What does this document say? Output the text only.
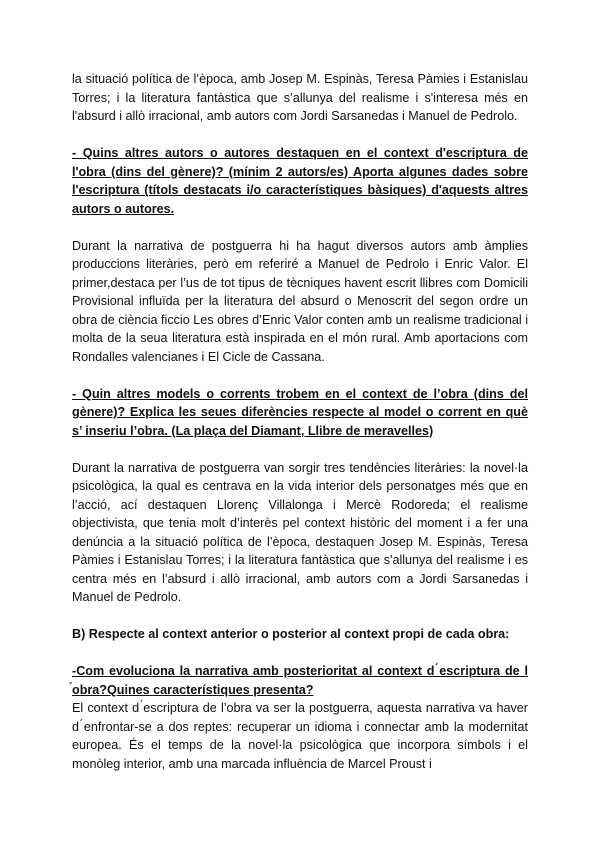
la situació política de l’època, amb Josep M. Espinàs, Teresa Pàmies i Estanislau Torres; i la literatura fantàstica que s’allunya del realisme i s'interesa més en l'absurd i allò irracional, amb autors com Jordi Sarsanedas i Manuel de Pedrolo.

- Quins altres autors o autores destaquen en el context d'escriptura de l'obra (dins del gènere)? (mínim 2 autors/es) Aporta algunes dades sobre l'escriptura (títols destacats i/o característiques bàsiques) d'aquests altres autors o autores.

Durant la narrativa de postguerra hi ha hagut diversos autors amb àmplies produccions literàries, però em referiré a Manuel de Pedrolo i Enric Valor. El primer,destaca per l’us de tot tipus de tècniques havent escrit llibres com Domicili Provisional influïda per la literatura del absurd o Menoscrit del segon ordre un obra de ciència ficcio Les obres d’Enric Valor conten amb un realisme tradicional i molta de la seua literatura està inspirada en el món rural. Amb aportacions com Rondalles valencianes i El Cicle de Cassana.

- Quin altres models o corrents trobem en el context de l’obra (dins del gènere)? Explica les seues diferències respecte al model o corrent en què s’ inseriu l’obra. (La plaça del Diamant, Llibre de meravelles)

Durant la narrativa de postguerra van sorgir tres tendències literàries: la novel·la psicològica, la qual es centrava en la vida interior dels personatges més que en l’acció, ací destaquen Llorenç Villalonga i Mercè Rodoreda; el realisme objectivista, que tenia molt d’interès pel context històric del moment i a fer una denúncia a la situació política de l’època, destaquen Josep M. Espinàs, Teresa Pàmies i Estanislau Torres; i la literatura fantàstica que s'allunya del realisme i es centra més en l’absurd i allò irracional, amb autors com a Jordi Sarsanedas i Manuel de Pedrolo.

B) Respecte al context anterior o posterior al context propi de cada obra:

-Com evoluciona la narrativa amb posterioritat al context d ́escriptura de l ́obra?Quines característiques presenta?

El context d ́escriptura de l’obra va ser la postguerra, aquesta narrativa va haver d ́enfrontar-se a dos reptes: recuperar un idioma i connectar amb la modernitat europea. És el temps de la novel·la psicològica que incorpora símbols i el monòleg interior, amb una marcada influència de Marcel Proust i
